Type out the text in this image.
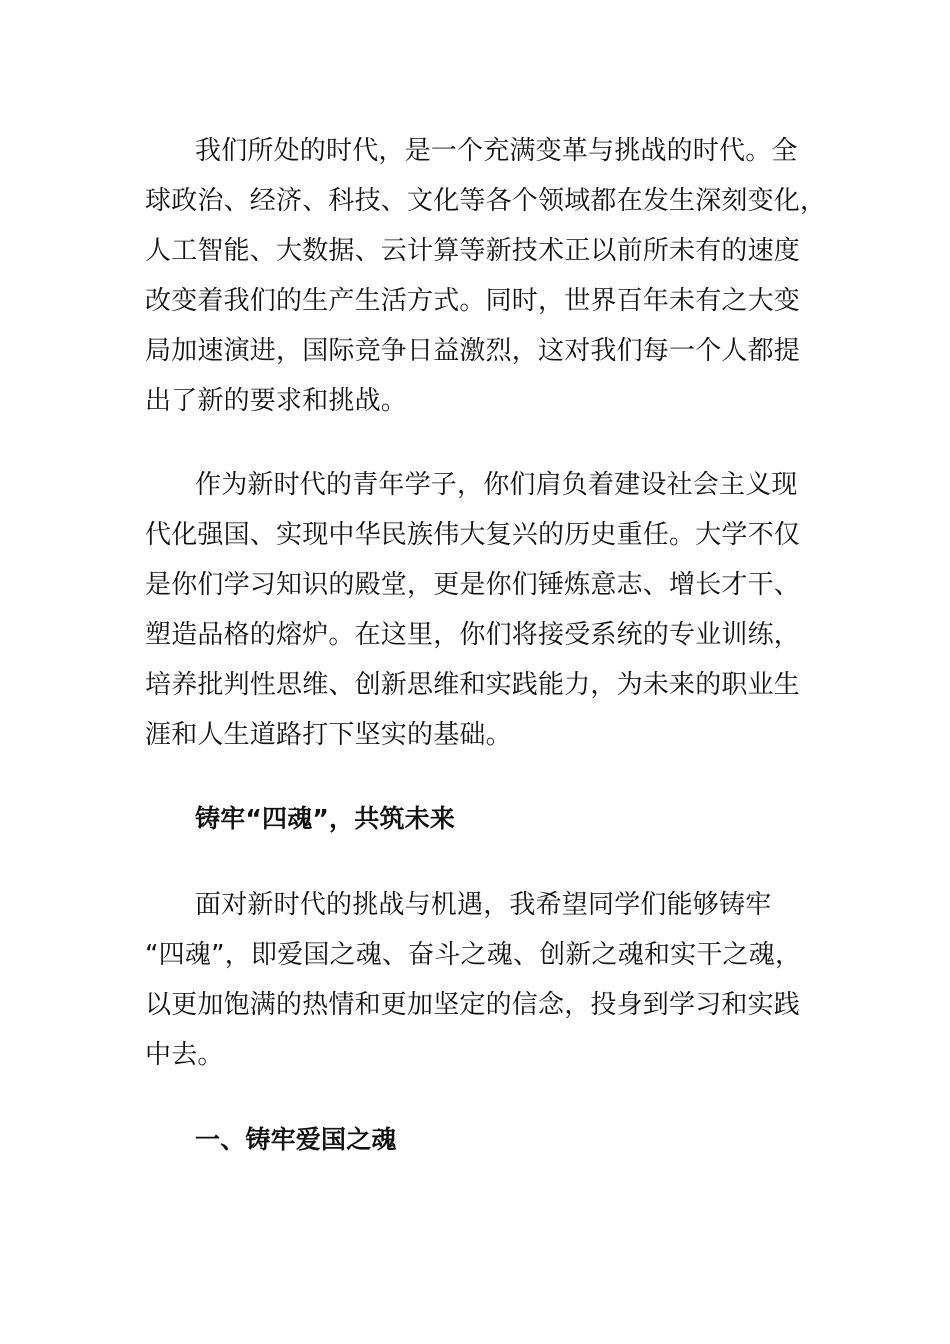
我们所处的时代，是一个充满变革与挑战的时代。全
球政治、经济、科技、文化等各个领域都在发生深刻变化，
人工智能、大数据、云计算等新技术正以前所未有的速度
改变着我们的生产生活方式。同时，世界百年未有之大变
局加速演进，国际竞争日益激烈，这对我们每一个人都提
出了新的要求和挑战。
作为新时代的青年学子，你们肩负着建设社会主义现
代化强国、实现中华民族伟大复兴的历史重任。大学不仅
是你们学习知识的殿堂，更是你们锤炼意志、增长才干、
塑造品格的熔炉。在这里，你们将接受系统的专业训练，
培养批判性思维、创新思维和实践能力，为未来的职业生
涯和人生道路打下坚实的基础。
铸牢“四魂”，共筑未来
面对新时代的挑战与机遇，我希望同学们能够铸牢
“四魂”，即爱国之魂、奋斗之魂、创新之魂和实干之魂，
以更加饱满的热情和更加坚定的信念，投身到学习和实践
中去。
一、铸牢爱国之魂
